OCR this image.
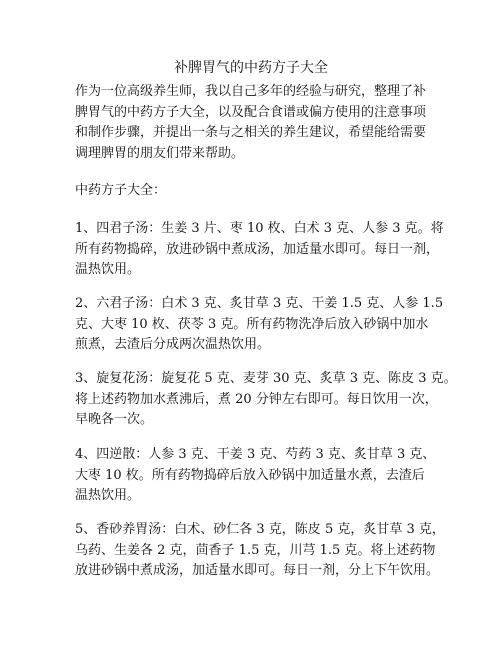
补脾胃气的中药方子大全

作为一位高级养生师，我以自己多年的经验与研究，整理了补
脾胃气的中药方子大全，以及配合食谱或偏方使用的注意事项
和制作步骤，并提出一条与之相关的养生建议，希望能给需要
调理脾胃的朋友们带来帮助。

中药方子大全：

1、四君子汤：生姜 3 片、枣 10 枚、白术 3 克、人参 3 克。将
所有药物捣碎，放进砂锅中煮成汤，加适量水即可。每日一剂，
温热饮用。

2、六君子汤：白术 3 克、炙甘草 3 克、干姜 1.5 克、人参 1.5
克、大枣 10 枚、茯苓 3 克。所有药物洗净后放入砂锅中加水
煎煮，去渣后分成两次温热饮用。

3、旋复花汤：旋复花 5 克、麦芽 30 克、炙草 3 克、陈皮 3 克。
将上述药物加水煮沸后，煮 20 分钟左右即可。每日饮用一次，
早晚各一次。

4、四逆散：人参 3 克、干姜 3 克、芍药 3 克、炙甘草 3 克、
大枣 10 枚。所有药物捣碎后放入砂锅中加适量水煮，去渣后
温热饮用。

5、香砂养胃汤：白术、砂仁各 3 克，陈皮 5 克，炙甘草 3 克，
乌药、生姜各 2 克，茴香子 1.5 克，川芎 1.5 克。将上述药物
放进砂锅中煮成汤，加适量水即可。每日一剂，分上下午饮用。
